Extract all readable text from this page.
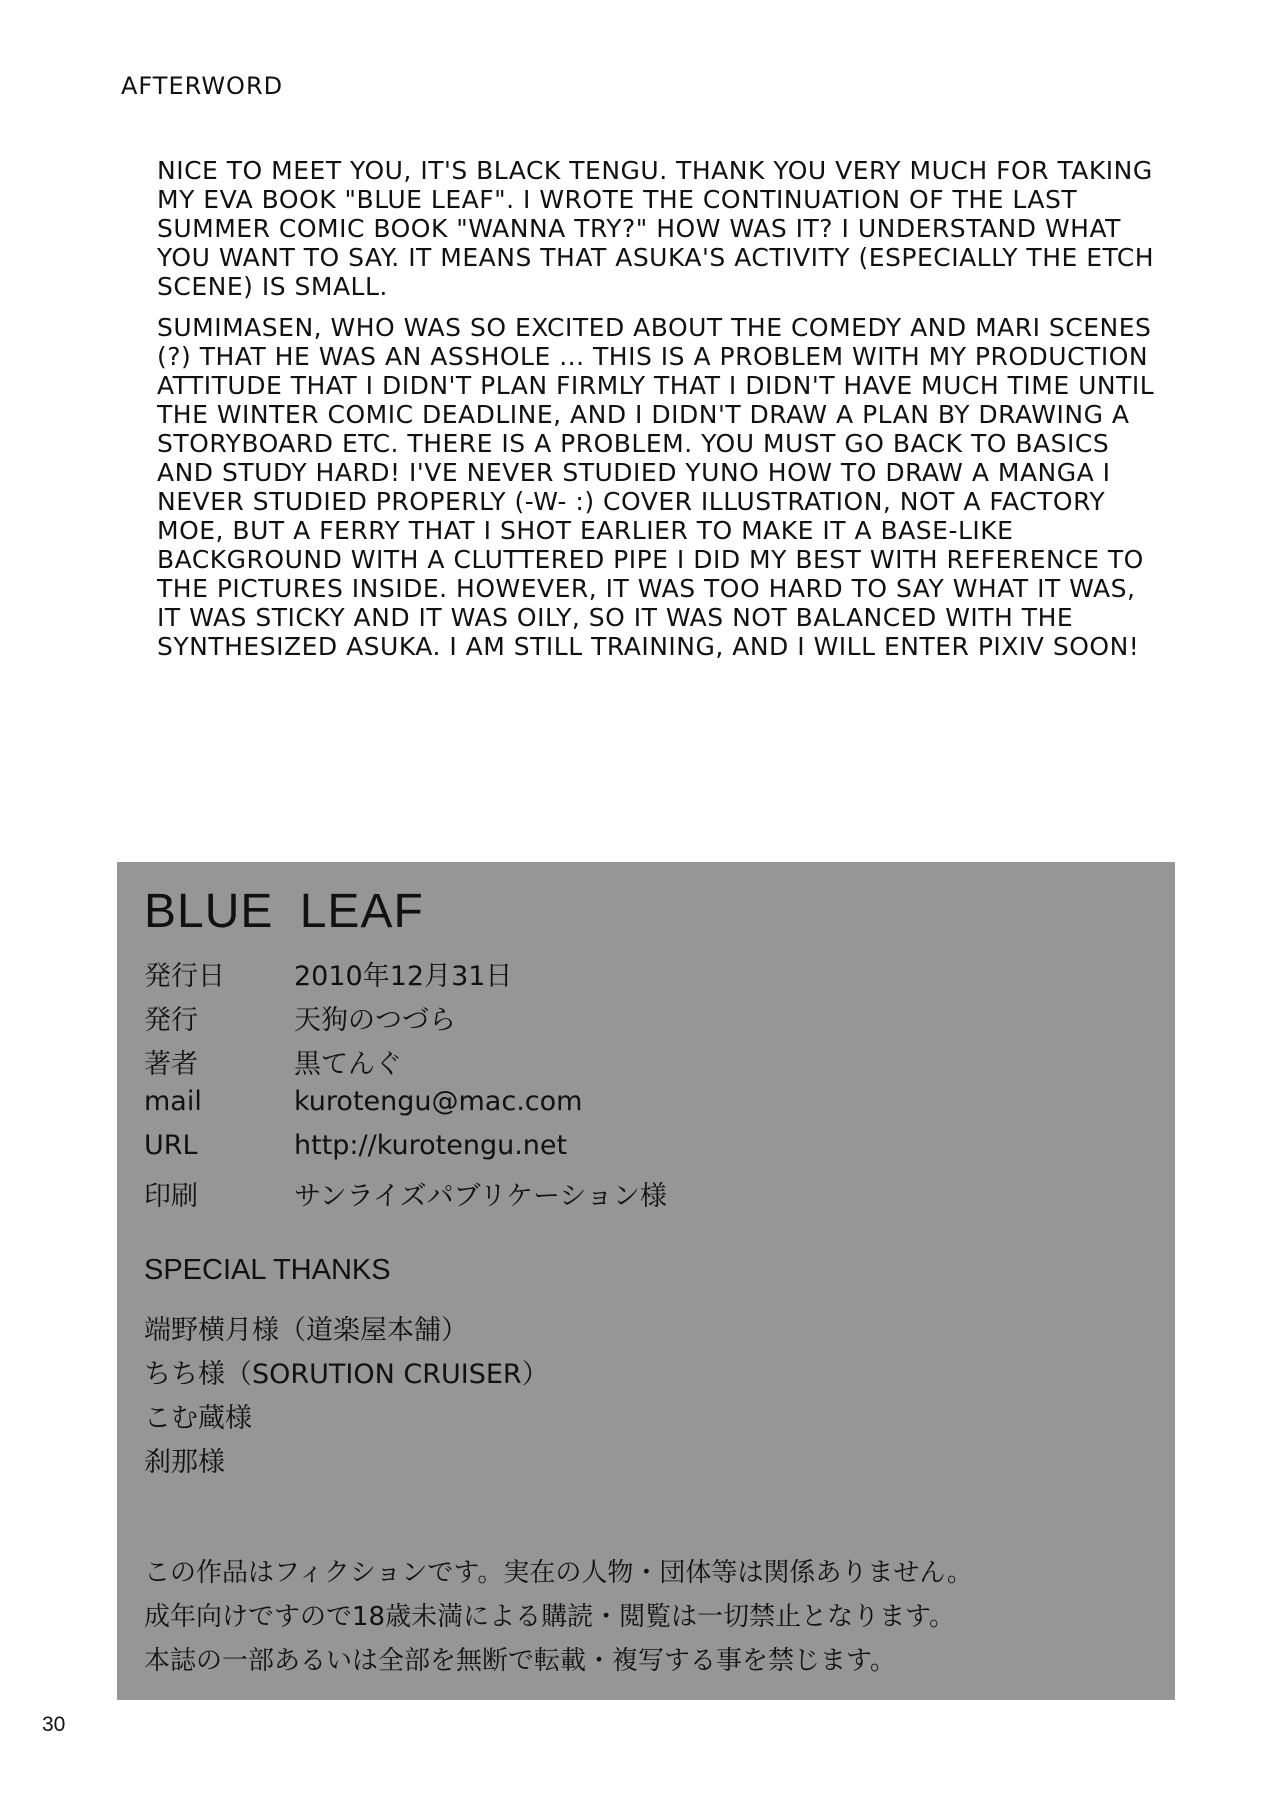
AFTERWORD

NICE TO MEET YOU, IT'S BLACK TENGU. THANK YOU VERY MUCH FOR TAKING MY EVA BOOK "BLUE LEAF". I WROTE THE CONTINUATION OF THE LAST SUMMER COMIC BOOK "WANNA TRY?" HOW WAS IT? I UNDERSTAND WHAT YOU WANT TO SAY. IT MEANS THAT ASUKA'S ACTIVITY (ESPECIALLY THE ETCH SCENE) IS SMALL.

SUMIMASEN, WHO WAS SO EXCITED ABOUT THE COMEDY AND MARI SCENES (?) THAT HE WAS AN ASSHOLE ... THIS IS A PROBLEM WITH MY PRODUCTION ATTITUDE THAT I DIDN'T PLAN FIRMLY THAT I DIDN'T HAVE MUCH TIME UNTIL THE WINTER COMIC DEADLINE, AND I DIDN'T DRAW A PLAN BY DRAWING A STORYBOARD ETC. THERE IS A PROBLEM. YOU MUST GO BACK TO BASICS AND STUDY HARD! I'VE NEVER STUDIED YUNO HOW TO DRAW A MANGA I NEVER STUDIED PROPERLY (-W- :) COVER ILLUSTRATION, NOT A FACTORY MOE, BUT A FERRY THAT I SHOT EARLIER TO MAKE IT A BASE-LIKE BACKGROUND WITH A CLUTTERED PIPE I DID MY BEST WITH REFERENCE TO THE PICTURES INSIDE. HOWEVER, IT WAS TOO HARD TO SAY WHAT IT WAS, IT WAS STICKY AND IT WAS OILY, SO IT WAS NOT BALANCED WITH THE SYNTHESIZED ASUKA. I AM STILL TRAINING, AND I WILL ENTER PIXIV SOON!

BLUE LEAF
発行日	2010年12月31日
発行	天狗のつづら
著者	黒てんぐ
mail	kurotengu@mac.com
URL	http://kurotengu.net
印刷	サンライズパブリケーション様
SPECIAL THANKS
端野横月様（道楽屋本舗）
ちち様（SORUTION CRUISER）
こむ蔵様
刹那様
この作品はフィクションです。実在の人物・団体等は関係ありません。
成年向けですので18歳未満による購読・閲覧は一切禁止となります。
本誌の一部あるいは全部を無断で転載・複写する事を禁じます。
30
